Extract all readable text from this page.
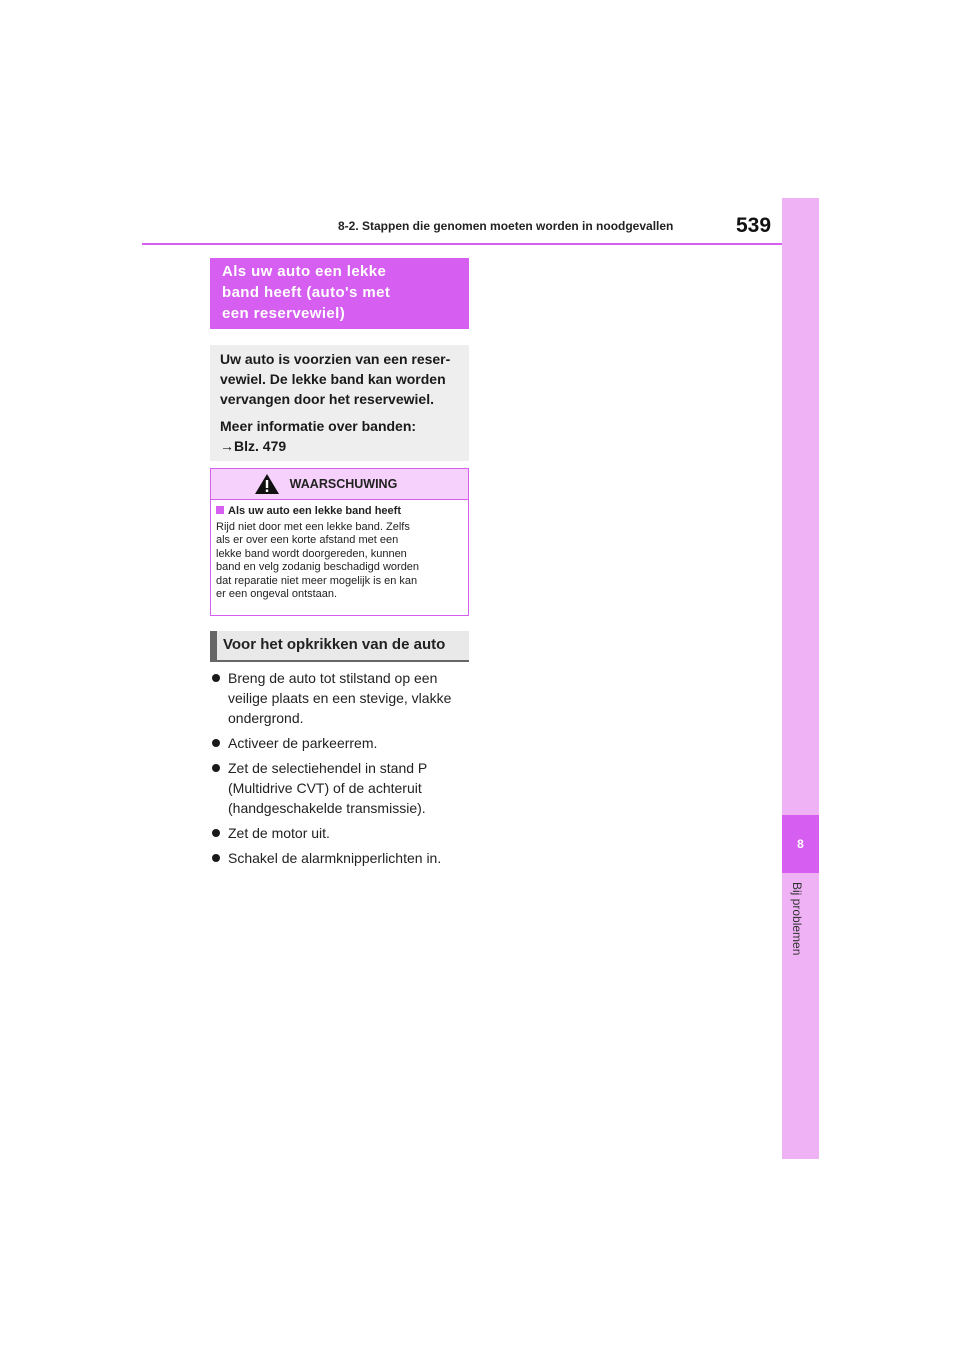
8
Bij problemen
8-2. Stappen die genomen moeten worden in noodgevallen	539
Als uw auto een lekke
band heeft (auto's met
een reservewiel)

Uw auto is voorzien van een reser-
vewiel. De lekke band kan worden
vervangen door het reservewiel.

Meer informatie over banden:
→Blz. 479

WAARSCHUWING
Als uw auto een lekke band heeft
Rijd niet door met een lekke band. Zelfs
als er over een korte afstand met een
lekke band wordt doorgereden, kunnen
band en velg zodanig beschadigd worden
dat reparatie niet meer mogelijk is en kan
er een ongeval ontstaan.
Voor het opkrikken van de auto
Breng de auto tot stilstand op een
veilige plaats en een stevige, vlakke
ondergrond.
Activeer de parkeerrem.
Zet de selectiehendel in stand P
(Multidrive CVT) of de achteruit
(handgeschakelde transmissie).
Zet de motor uit.
Schakel de alarmknipperlichten in.
